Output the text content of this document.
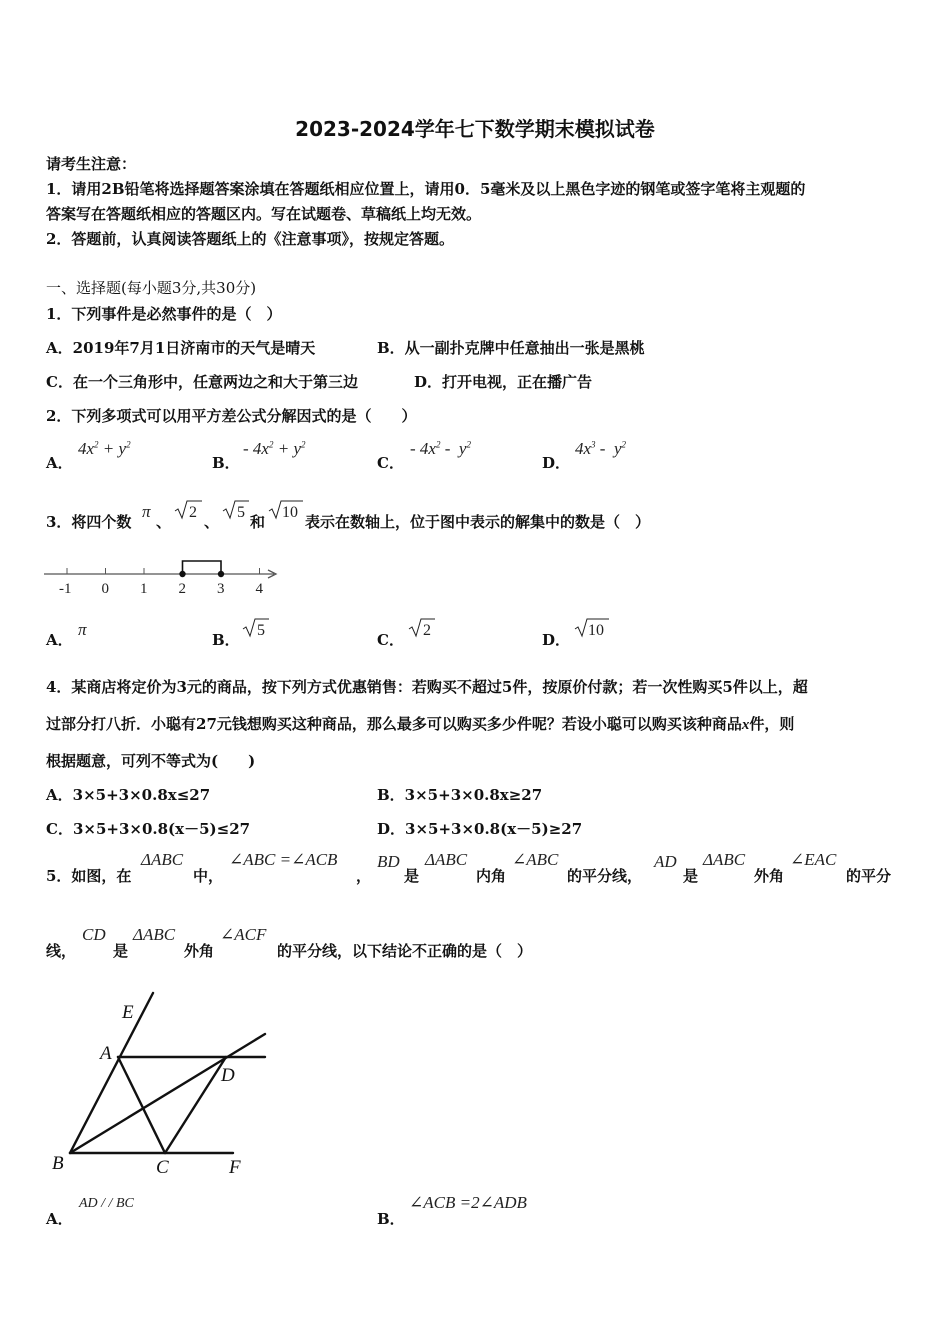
2023-2024学年七下数学期末模拟试卷
请考生注意：
1．请用2B铅笔将选择题答案涂填在答题纸相应位置上，请用0．5毫米及以上黑色字迹的钢笔或签字笔将主观题的
答案写在答题纸相应的答题区内。写在试题卷、草稿纸上均无效。
2．答题前，认真阅读答题纸上的《注意事项》，按规定答题。
一、选择题(每小题3分,共30分)
1．下列事件是必然事件的是（　）
A．2019年7月1日济南市的天气是晴天	B．从一副扑克牌中任意抽出一张是黑桃
C．在一个三角形中，任意两边之和大于第三边	D．打开电视，正在播广告
2．下列多项式可以用平方差公式分解因式的是（　　）
A．
$4x^2 + y^2$
B．
- $4x^2 + y^2$
C．
- $4x^2 - y^2$
D．
$4x^3 - y^2$
3．将四个数
π
、
2
、
5
和
10
表示在数轴上，位于图中表示的解集中的数是（　）
-1 0 1 2 3 4
A．
π
B．
5
C．
2
D．
10
4．某商店将定价为3元的商品，按下列方式优惠销售：若购买不超过5件，按原价付款；若一次性购买5件以上，超
过部分打八折．小聪有27元钱想购买这种商品，那么最多可以购买多少件呢？若设小聪可以购买该种商品x件，则
根据题意，可列不等式为(　　)
A．3×5+3×0.8x≤27	B．3×5+3×0.8x≥27
C．3×5+3×0.8(x－5)≤27	D．3×5+3×0.8(x－5)≥27
5．如图，在
ΔABC
中，
∠ABC =∠ACB
，
BD
是
ΔABC
内角
∠ABC
的平分线，
AD
是
ΔABC
外角
∠EAC
的平分
线，
CD
是
ΔABC
外角
∠ACF
的平分线，以下结论不正确的是（　）
E
A
D
B	C	F
A．
AD / / BC
B．
∠ACB =2∠ADB
